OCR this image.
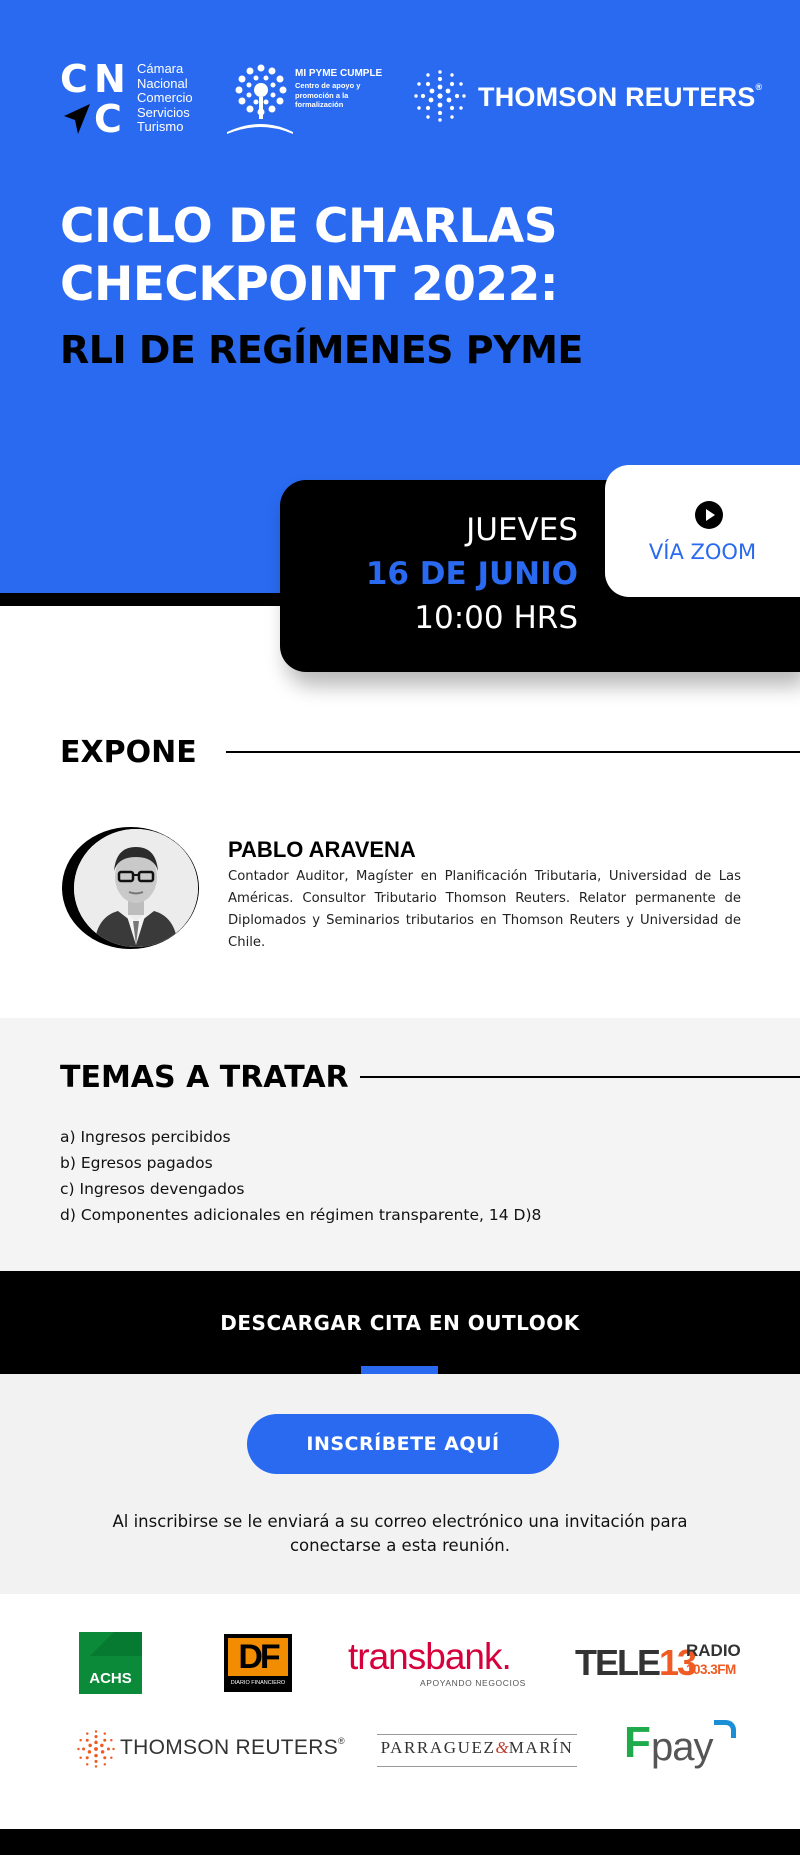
C N
C
Cámara
Nacional
Comercio
Servicios
Turismo
MI PYME CUMPLE
Centro de apoyo y
promoción a la
formalización	THOMSON REUTERS®
CICLO DE CHARLAS
CHECKPOINT 2022:
RLI DE REGÍMENES PYME
JUEVES
16 DE JUNIO
10:00 HRS
VÍA ZOOM
EXPONE
PABLO ARAVENA
Contador Auditor, Magíster en Planificación Tributaria, Universidad de Las Américas. Consultor Tributario Thomson Reuters. Relator permanente de Diplomados y Seminarios tributarios en Thomson Reuters y Universidad de Chile.
TEMAS A TRATAR
a) Ingresos percibidos
b) Egresos pagados
c) Ingresos devengados
d) Componentes adicionales en régimen transparente, 14 D)8
DESCARGAR CITA EN OUTLOOK
INSCRÍBETE AQUÍ
Al inscribirse se le enviará a su correo electrónico una invitación para conectarse a esta reunión.
ACHS
DF
DIARIO FINANCIERO
transbank.
APOYANDO NEGOCIOS TELE13
RADIO
103.3FM
THOMSON REUTERS® PARRAGUEZ&MARÍN F pay
